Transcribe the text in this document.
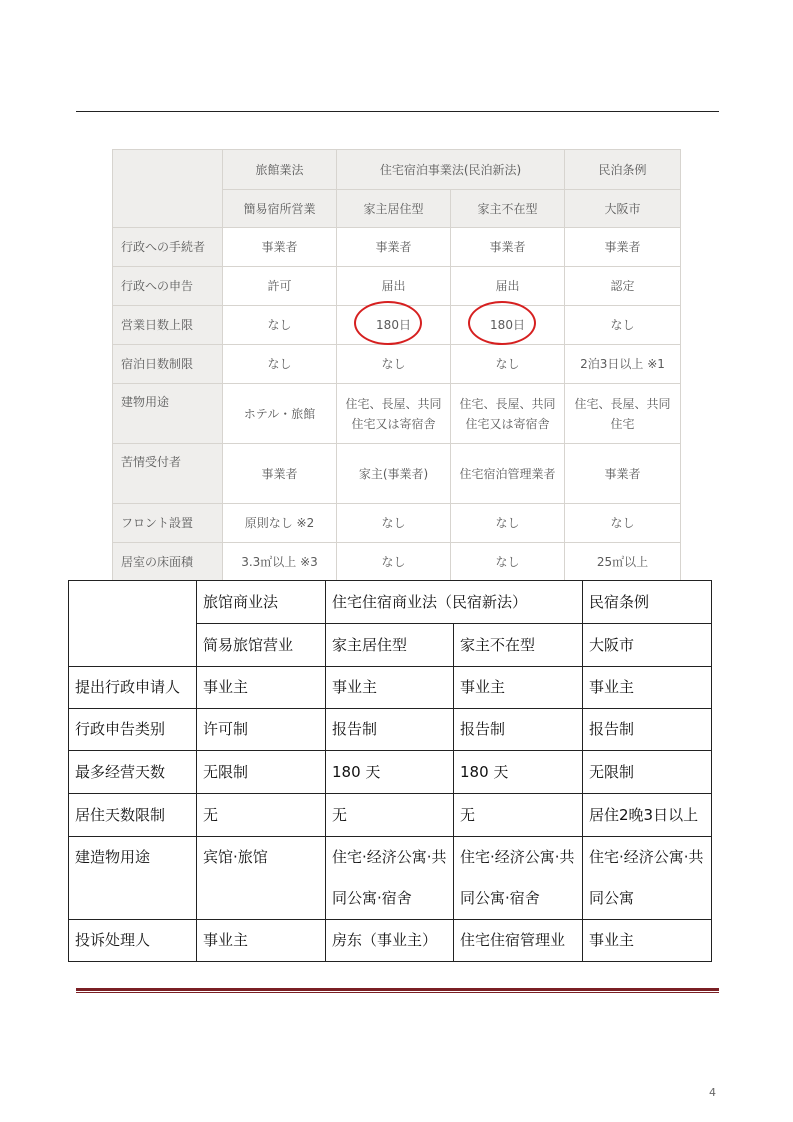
	旅館業法	住宅宿泊事業法(民泊新法)		民泊条例
	簡易宿所営業	家主居住型	家主不在型	大阪市
行政への手続者	事業者	事業者	事業者	事業者
行政への申告	許可	届出	届出	認定
営業日数上限	なし	180日	180日	なし
宿泊日数制限	なし	なし	なし	2泊3日以上 ※1
建物用途	ホテル・旅館	住宅、長屋、共同住宅又は寄宿舎	住宅、長屋、共同住宅又は寄宿舎	住宅、長屋、共同住宅
苦情受付者	事業者	家主(事業者)	住宅宿泊管理業者	事業者
フロント設置	原則なし ※2	なし	なし	なし
居室の床面積	3.3㎡以上 ※3	なし	なし	25㎡以上
	旅馆商业法	住宅住宿商业法（民宿新法）		民宿条例
	简易旅馆营业	家主居住型	家主不在型	大阪市
提出行政申请人	事业主	事业主	事业主	事业主
行政申告类别	许可制	报告制	报告制	报告制
最多经营天数	无限制	180 天	180 天	无限制
居住天数限制	无	无	无	居住2晚3日以上
建造物用途	宾馆·旅馆	住宅·经济公寓·共同公寓·宿舍	住宅·经济公寓·共同公寓·宿舍	住宅·经济公寓·共同公寓
投诉处理人	事业主	房东（事业主）	住宅住宿管理业	事业主
4
